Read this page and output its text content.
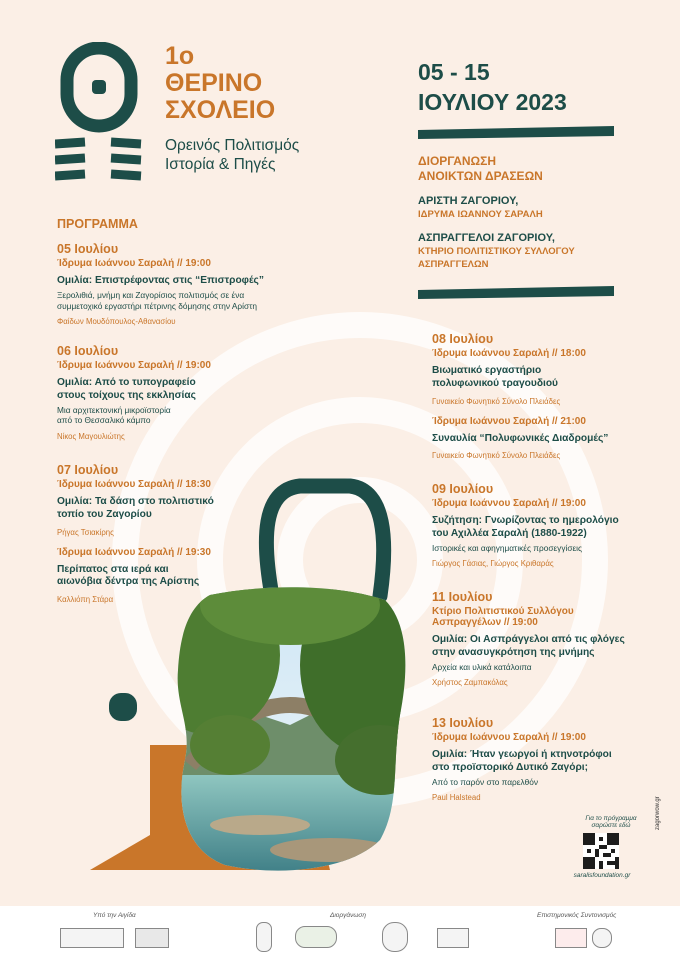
1ο
ΘΕΡΙΝΟ
ΣΧΟΛΕΙΟ
Ορεινός Πολιτισμός
Ιστορία & Πηγές
05 - 15
ΙΟΥΛΙΟΥ 2023
ΔΙΟΡΓΑΝΩΣΗ
ΑΝΟΙΚΤΩΝ ΔΡΑΣΕΩΝ
ΑΡΙΣΤΗ ΖΑΓΟΡΙΟΥ,
ΙΔΡΥΜΑ ΙΩΑΝΝΟΥ ΣΑΡΑΛΗ
ΑΣΠΡΑΓΓΕΛΟΙ ΖΑΓΟΡΙΟΥ,
ΚΤΗΡΙΟ ΠΟΛΙΤΙΣΤΙΚΟΥ ΣΥΛΛΟΓΟΥ
ΑΣΠΡΑΓΓΕΛΩΝ
ΠΡΟΓΡΑΜΜΑ
05 Ιουλίου
Ίδρυμα Ιωάννου Σαραλή // 19:00
Ομιλία: Επιστρέφοντας στις “Επιστροφές”
Ξερολιθιά, μνήμη και Ζαγορίσιος πολιτισμός σε ένα
συμμετοχικό εργαστήρι πέτρινης δόμησης στην Αρίστη
Φαίδων Μουδόπουλος-Αθανασίου
06 Ιουλίου
Ίδρυμα Ιωάννου Σαραλή // 19:00
Ομιλία: Από το τυπογραφείο
στους τοίχους της εκκλησίας
Μια αρχιτεκτονική μικροϊστορία
από το Θεσσαλικό κάμπο
Νίκος Μαγουλιώτης
07 Ιουλίου
Ίδρυμα Ιωάννου Σαραλή // 18:30
Ομιλία: Τα δάση στο πολιτιστικό
τοπίο του Ζαγορίου
Ρήγας Τσιακίρης
Ίδρυμα Ιωάννου Σαραλή // 19:30
Περίπατος στα ιερά και
αιωνόβια δέντρα της Αρίστης
Καλλιόπη Στάρα
08 Ιουλίου
Ίδρυμα Ιωάννου Σαραλή // 18:00
Βιωματικό εργαστήριο
πολυφωνικού τραγουδιού
Γυναικείο Φωνητικό Σύνολο Πλειάδες
Ίδρυμα Ιωάννου Σαραλή // 21:00
Συναυλία “Πολυφωνικές Διαδρομές”
Γυναικείο Φωνητικό Σύνολο Πλειάδες
09 Ιουλίου
Ίδρυμα Ιωάννου Σαραλή // 19:00
Συζήτηση: Γνωρίζοντας το ημερολόγιο
του Αχιλλέα Σαραλή (1880-1922)
Ιστορικές και αφηγηματικές προσεγγίσεις
Γιώργος Γάσιας, Γιώργος Κριθαράς
11 Ιουλίου
Κτίριο Πολιτιστικού Συλλόγου
Ασπραγγέλων // 19:00
Ομιλία: Οι Ασπράγγελοι από τις φλόγες
στην ανασυγκρότηση της μνήμης
Αρχεία και υλικά κατάλοιπα
Χρήστος Ζαμπακόλας
13 Ιουλίου
Ίδρυμα Ιωάννου Σαραλή // 19:00
Ομιλία: Ήταν γεωργοί ή κτηνοτρόφοι
στο προϊστορικό Δυτικό Ζαγόρι;
Από το παρόν στο παρελθόν
Paul Halstead
Για το πρόγραμμα
σαρώστε εδώ
saralisfoundation.gr
zagorwow.gr
Υπό την Αιγίδα	Διοργάνωση	Επιστημονικός Συντονισμός
